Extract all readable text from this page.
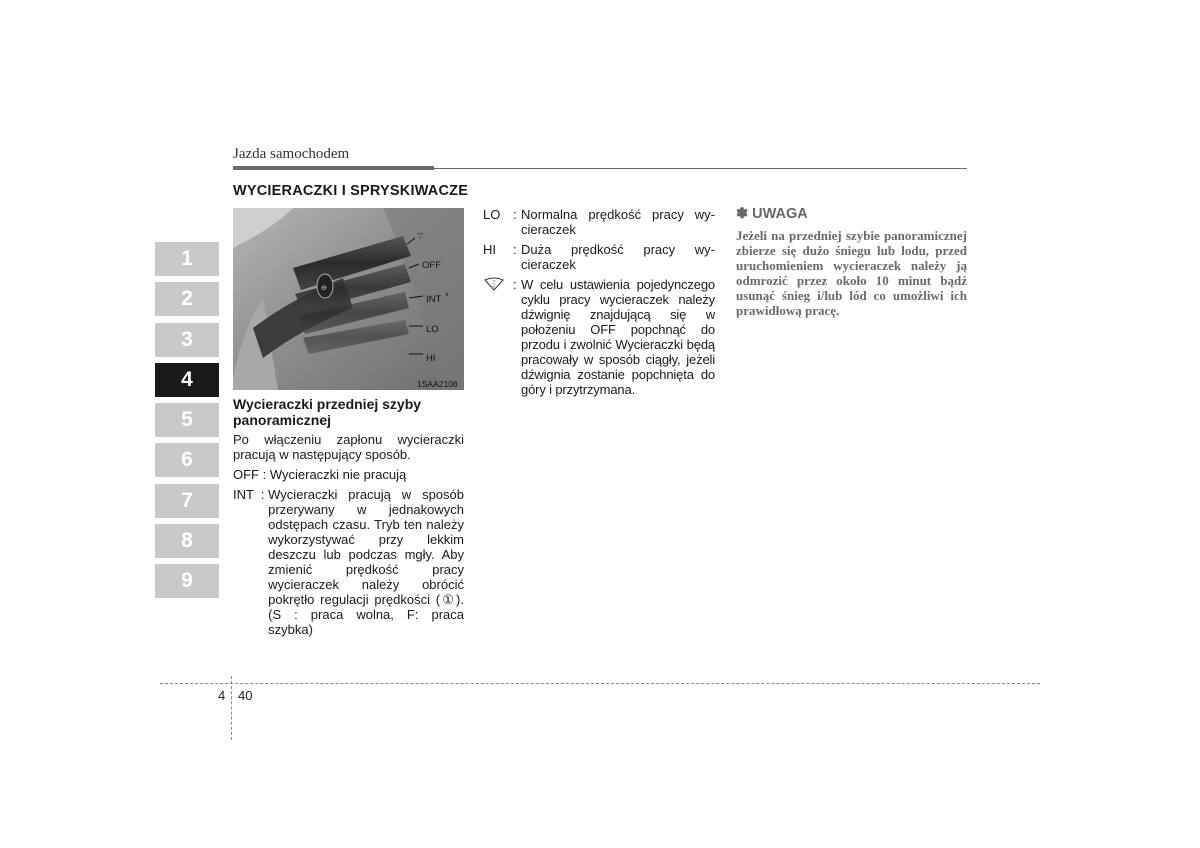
Jazda samochodem
1
2
3
4
5
6
7
8
9
WYCIERACZKI I SPRYSKIWACZE
⊖
⌔
OFF
INT *
LO
HI
1SAA2108
Wycieraczki przedniej szyby panoramicznej

Po włączeniu zapłonu wycieraczki pracują w następujący sposób.

OFF : Wycieraczki nie pracują
INT  : Wycieraczki pracują w sposób przerywany w jednakowych odstępach czasu. Tryb ten należy wykorzystywać przy lekkim deszczu lub podczas mgły. Aby zmienić prędkość pracy wycieraczek należy obrócić pokrętło regulacji prędkości (①). (S : praca wolna, F: praca szybka)
LO : Normalna prędkość pracy wy-cieraczek
HI	: Duża prędkość pracy wy-cieraczek
: W celu ustawienia pojedynczego cyklu pracy wycieraczek należy dźwignię znajdującą się w położeniu OFF popchnąć do przodu i zwolnić Wycieraczki będą pracowały w sposób ciągły, jeżeli dźwignia zostanie popchnięta do góry i przytrzymana.
✽ UWAGA
Jeżeli na przedniej szybie panoramicznej zbierze się dużo śniegu lub lodu, przed uruchomieniem wycieraczek należy ją odmrozić przez około 10 minut bądź usunąć śnieg i/lub lód co umożliwi ich prawidłową pracę.
4 40
